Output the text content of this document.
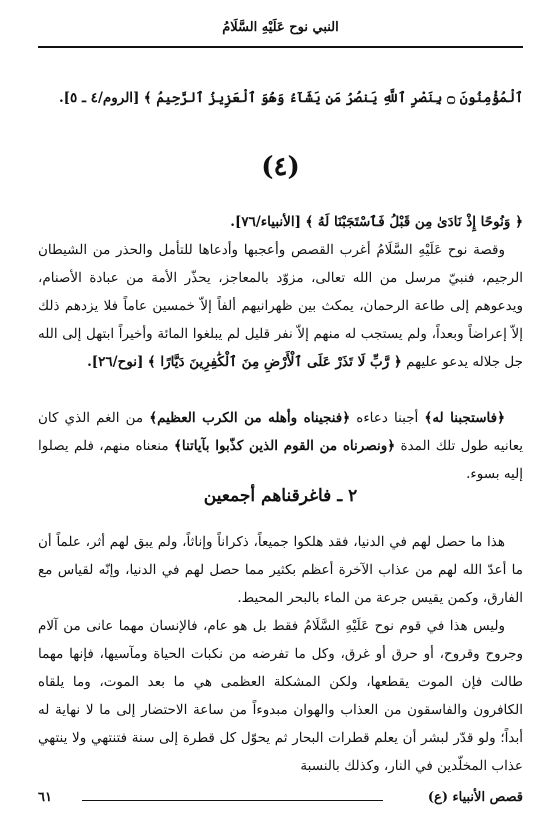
النبي نوح عَلَيْهِ السَّلَامُ
ٱلْمُؤْمِنُونَ ۝ بِنَصْرِ ٱللَّهِ يَنصُرُ مَن يَشَآءُ وَهُوَ ٱلْعَزِيزُ ٱلرَّحِيمُ ﴾ [الروم/٤ ـ ٥].
(٤)
﴿ وَنُوحًا إِذْ نَادَىٰ مِن قَبْلُ فَٱسْتَجَبْنَا لَهُ ﴾ [الأنبياء/٧٦].

وقصة نوح عَلَيْهِ السَّلَامُ أغرب القصص وأعجبها وأدعاها للتأمل والحذر من الشيطان الرجيم، فنبيّ مرسل من الله تعالى، مزوّد بالمعاجز، يحذّر الأمة من عبادة الأصنام، ويدعوهم إلى طاعة الرحمان، يمكث بين ظهرانيهم ألفاً إلاّ خمسين عاماً فلا يزدهم ذلك إلاّ إعراضاً وبعداً، ولم يستجب له منهم إلاّ نفر قليل لم يبلغوا المائة وأخيراً ابتهل إلى الله جل جلاله يدعو عليهم ﴿ رَّبِّ لَا تَذَرْ عَلَى ٱلْأَرْضِ مِنَ ٱلْكَٰفِرِينَ دَيَّارًا ﴾ [نوح/٢٦].

﴿فاستجبنا له﴾ أجبنا دعاءه ﴿فنجيناه وأهله من الكرب العظيم﴾ من الغم الذي كان يعانيه طول تلك المدة ﴿ونصرناه من القوم الذين كذّبوا بآياتنا﴾ منعناه منهم، فلم يصلوا إليه بسوء.

٢ ـ فاغرقناهم أجمعين

هذا ما حصل لهم في الدنيا، فقد هلكوا جميعاً، ذكراناً وإناثاً، ولم يبق لهم أثر، علماً أن ما أعدّ الله لهم من عذاب الآخرة أعظم بكثير مما حصل لهم في الدنيا، وإنّه لقياس مع الفارق، وكمن يقيس جرعة من الماء بالبحر المحيط.

وليس هذا في قوم نوح عَلَيْهِ السَّلَامُ فقط بل هو عام، فالإنسان مهما عانى من آلام وجروح وقروح، أو حرق أو غرق، وكل ما تفرضه من نكبات الحياة ومآسيها، فإنها مهما طالت فإن الموت يقطعها، ولكن المشكلة العظمى هي ما بعد الموت، وما يلقاه الكافرون والفاسقون من العذاب والهوان مبدوءاً من ساعة الاحتضار إلى ما لا نهاية له أبداً؛ ولو قدّر لبشر أن يعلم قطرات البحار ثم يحوّل كل قطرة إلى سنة فتنتهي ولا ينتهي عذاب المخلّدين في النار، وكذلك بالنسبة

قصص الأنبياء (ع)
٦١
